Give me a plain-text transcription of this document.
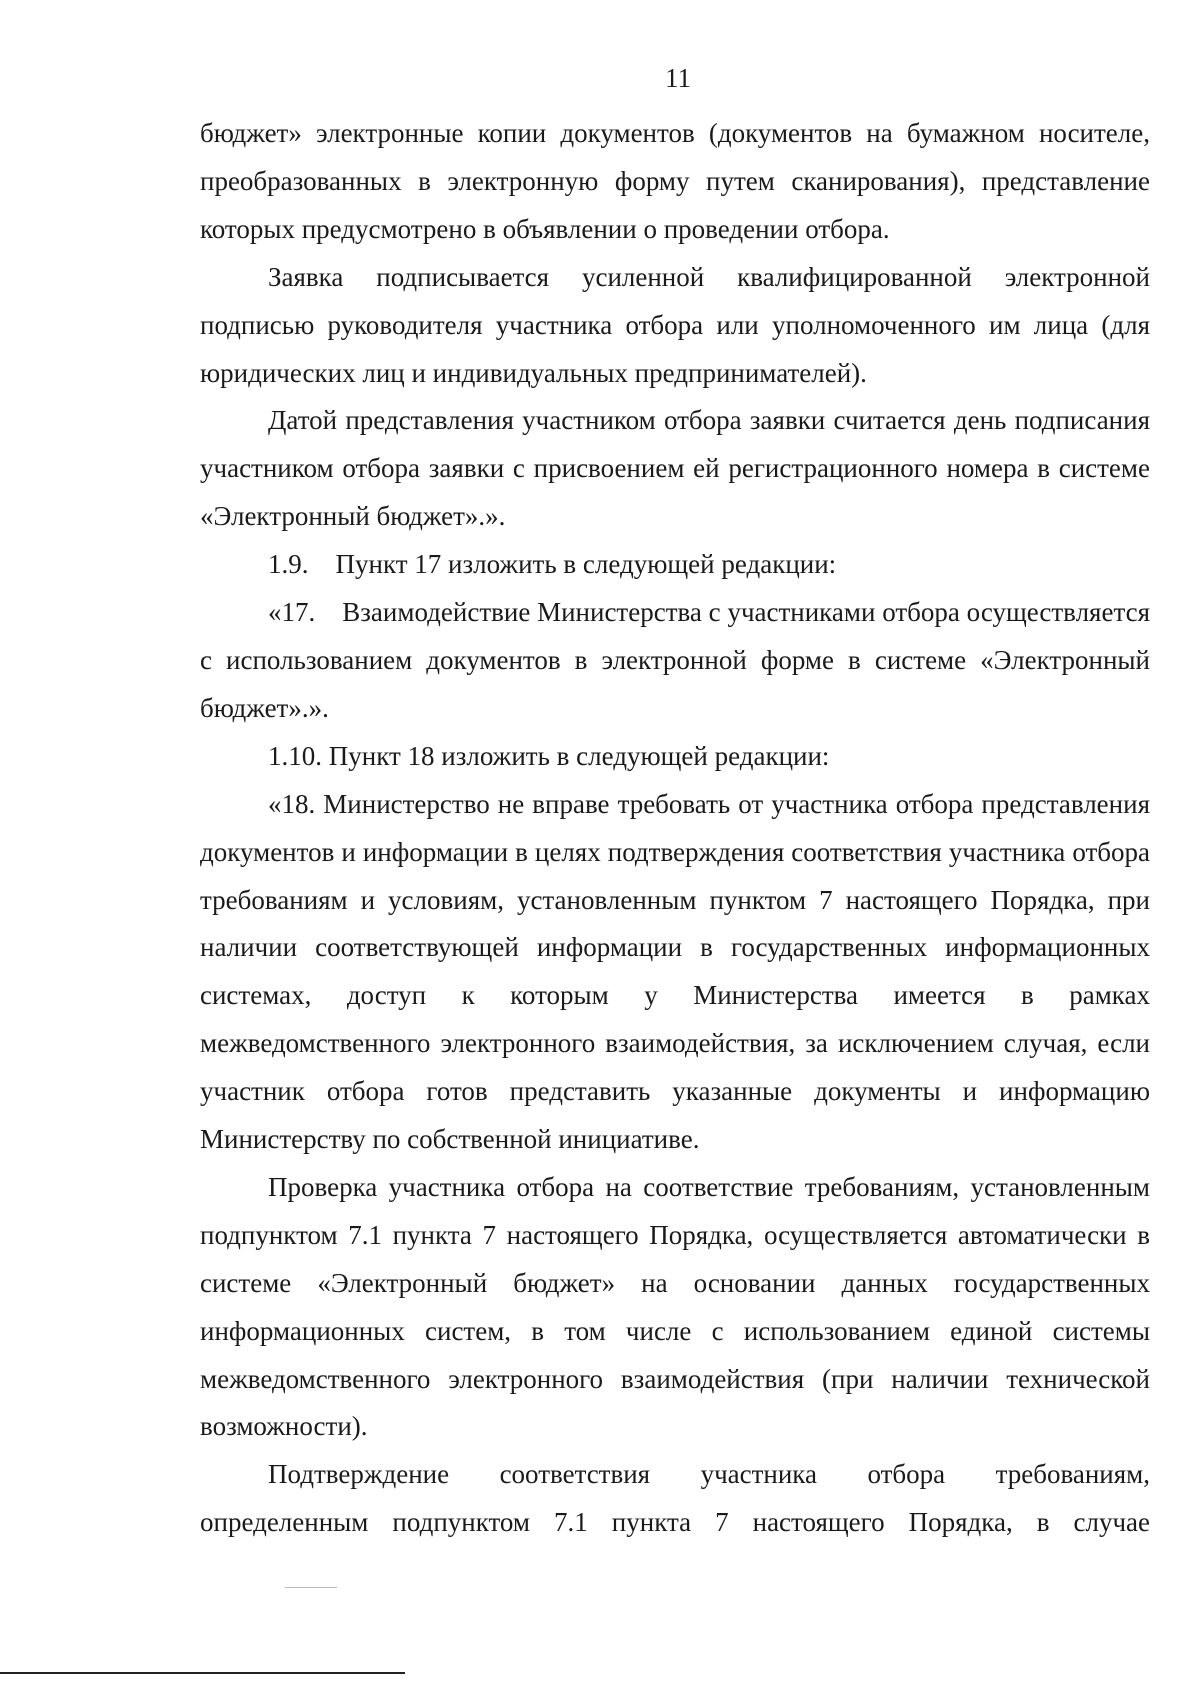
11

бюджет» электронные копии документов (документов на бумажном носителе, преобразованных в электронную форму путем сканирования), представление которых предусмотрено в объявлении о проведении отбора.

Заявка подписывается усиленной квалифицированной электронной подписью руководителя участника отбора или уполномоченного им лица (для юридических лиц и индивидуальных предпринимателей).

Датой представления участником отбора заявки считается день подписания участником отбора заявки с присвоением ей регистрационного номера в системе «Электронный бюджет».».

1.9. Пункт 17 изложить в следующей редакции:

«17. Взаимодействие Министерства с участниками отбора осуществляется с использованием документов в электронной форме в системе «Электронный бюджет».».

1.10. Пункт 18 изложить в следующей редакции:

«18. Министерство не вправе требовать от участника отбора представления документов и информации в целях подтверждения соответствия участника отбора требованиям и условиям, установленным пунктом 7 настоящего Порядка, при наличии соответствующей информации в государственных информационных системах, доступ к которым у Министерства имеется в рамках межведомственного электронного взаимодействия, за исключением случая, если участник отбора готов представить указанные документы и информацию Министерству по собственной инициативе.

Проверка участника отбора на соответствие требованиям, установленным подпунктом 7.1 пункта 7 настоящего Порядка, осуществляется автоматически в системе «Электронный бюджет» на основании данных государственных информационных систем, в том числе с использованием единой системы межведомственного электронного взаимодействия (при наличии технической возможности).

Подтверждение соответствия участника отбора требованиям, определенным подпунктом 7.1 пункта 7 настоящего Порядка, в случае
